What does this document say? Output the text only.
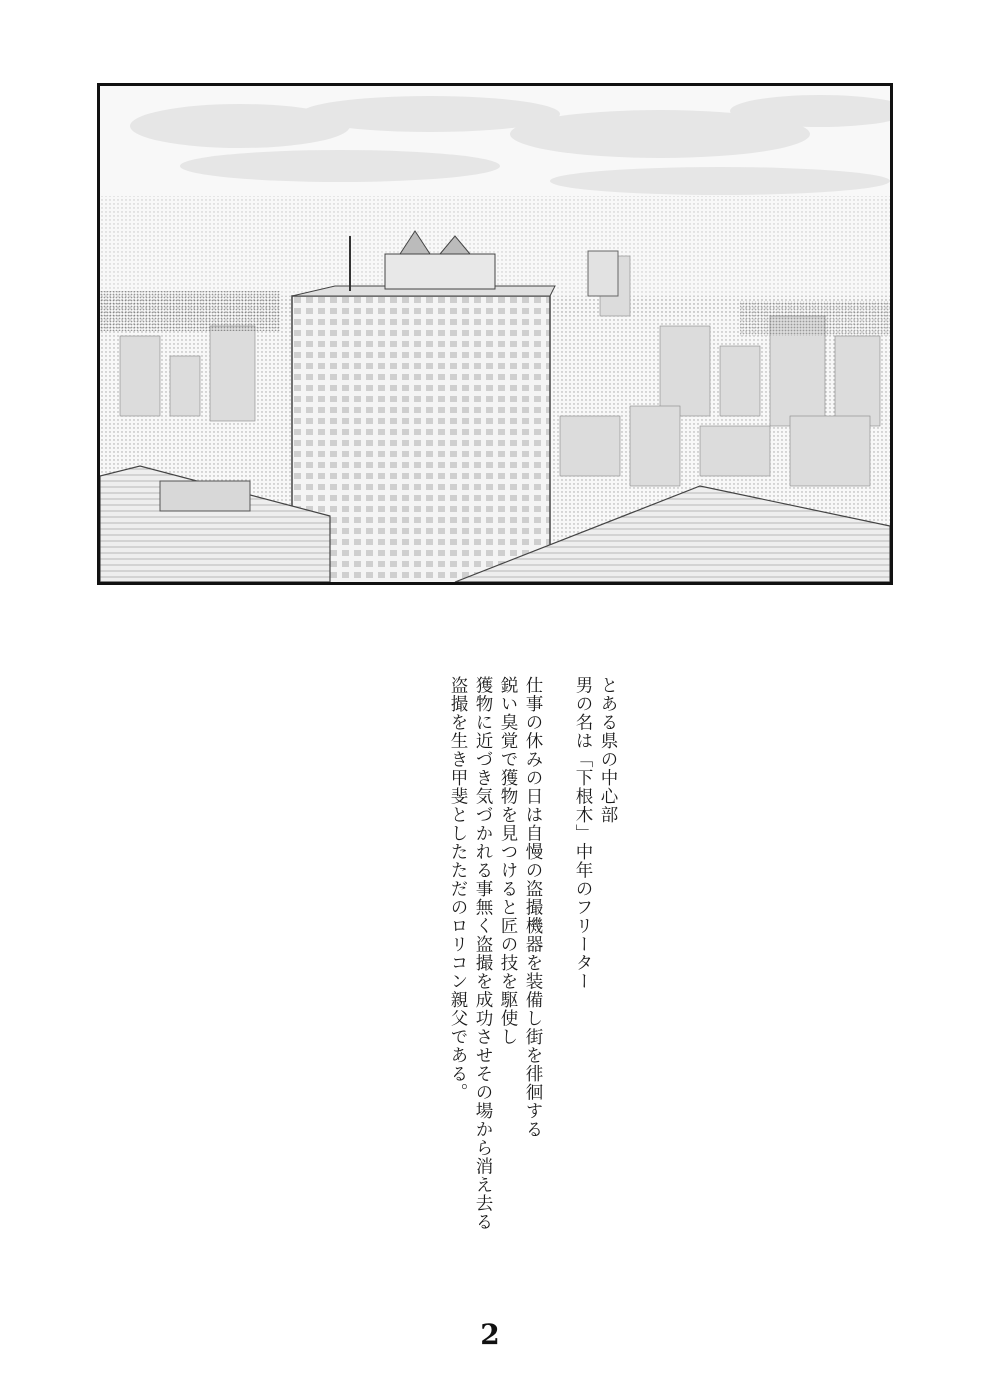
とある県の中心部
男の名は「下根木」中年のフリーター
仕事の休みの日は自慢の盗撮機器を装備し街を徘徊する
鋭い臭覚で獲物を見つけると匠の技を駆使し
獲物に近づき気づかれる事無く盗撮を成功させその場から消え去る
盗撮を生き甲斐としたただのロリコン親父である。
2
